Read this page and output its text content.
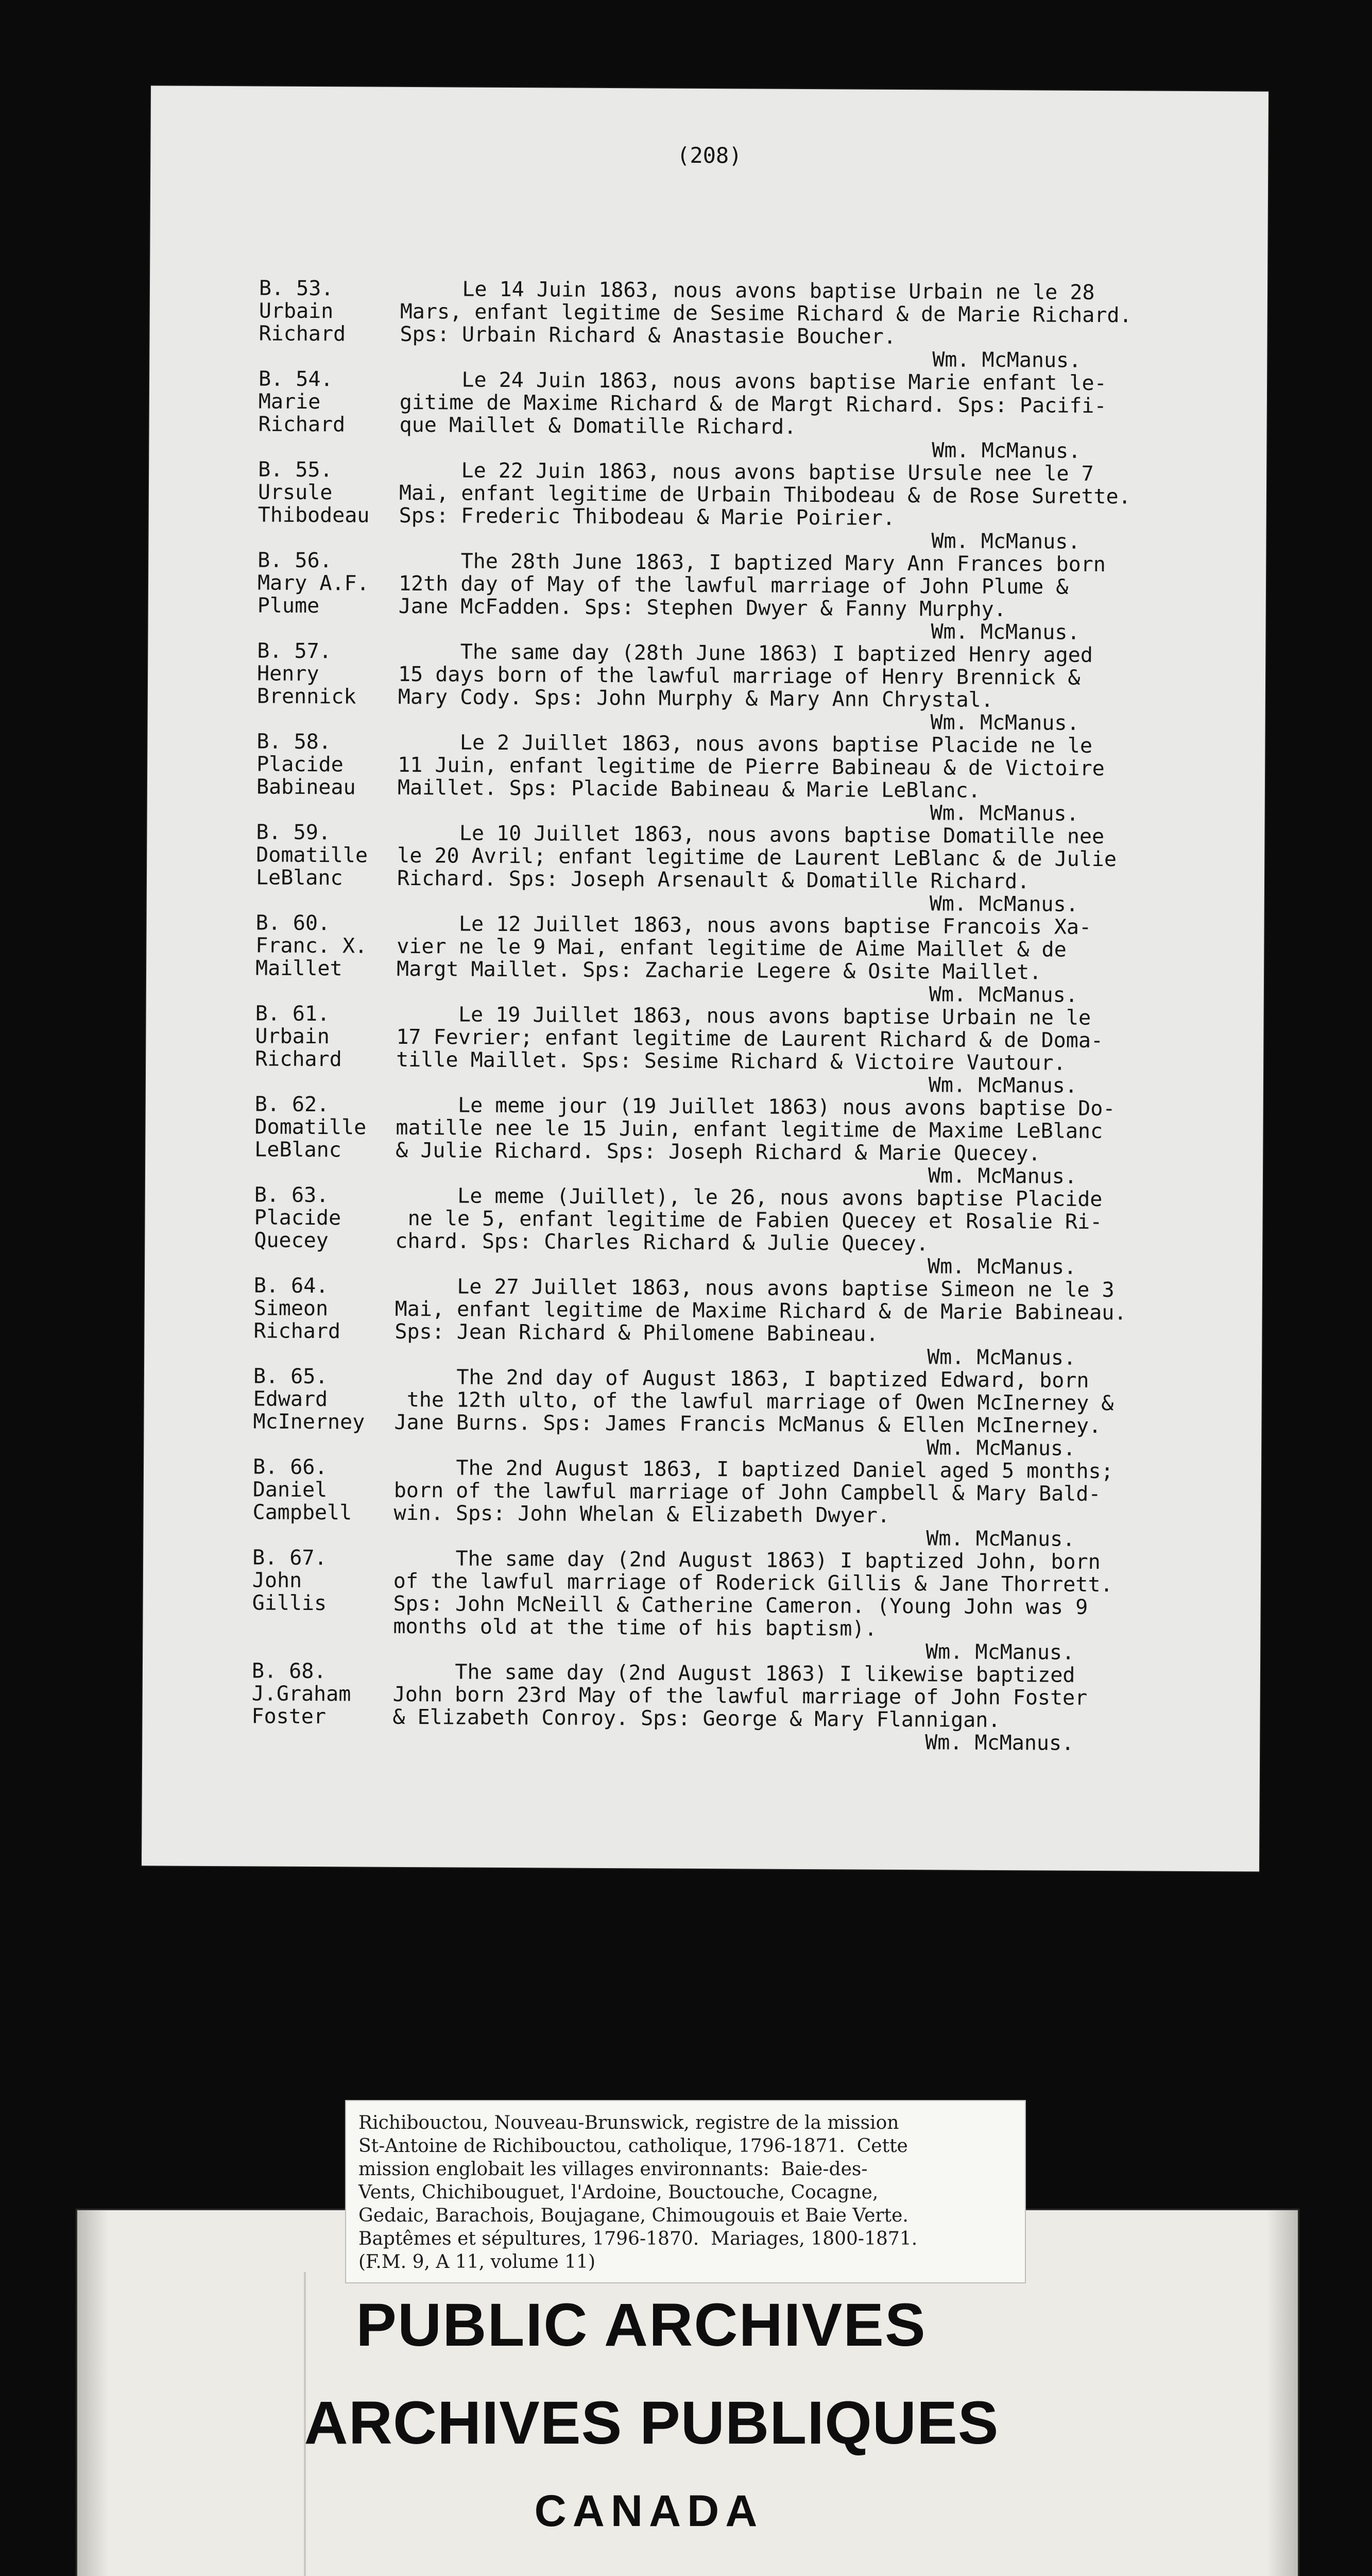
(208)
B. 53.
Urbain
Richard
Le 14 Juin 1863, nous avons baptise Urbain ne le 28
Mars, enfant legitime de Sesime Richard & de Marie Richard.
Sps: Urbain Richard & Anastasie Boucher.
Wm. McManus.
B. 54.
Marie
Richard
Le 24 Juin 1863, nous avons baptise Marie enfant le-
gitime de Maxime Richard & de Margt Richard. Sps: Pacifi-
que Maillet & Domatille Richard.
Wm. McManus.
B. 55.
Ursule
Thibodeau
Le 22 Juin 1863, nous avons baptise Ursule nee le 7
Mai, enfant legitime de Urbain Thibodeau & de Rose Surette.
Sps: Frederic Thibodeau & Marie Poirier.
Wm. McManus.
B. 56.
Mary A.F.
Plume
The 28th June 1863, I baptized Mary Ann Frances born
12th day of May of the lawful marriage of John Plume &
Jane McFadden. Sps: Stephen Dwyer & Fanny Murphy.
Wm. McManus.
B. 57.
Henry
Brennick
The same day (28th June 1863) I baptized Henry aged
15 days born of the lawful marriage of Henry Brennick &
Mary Cody. Sps: John Murphy & Mary Ann Chrystal.
Wm. McManus.
B. 58.
Placide
Babineau
Le 2 Juillet 1863, nous avons baptise Placide ne le
11 Juin, enfant legitime de Pierre Babineau & de Victoire
Maillet. Sps: Placide Babineau & Marie LeBlanc.
Wm. McManus.
B. 59.
Domatille
LeBlanc
Le 10 Juillet 1863, nous avons baptise Domatille nee
le 20 Avril; enfant legitime de Laurent LeBlanc & de Julie
Richard. Sps: Joseph Arsenault & Domatille Richard.
Wm. McManus.
B. 60.
Franc. X.
Maillet
Le 12 Juillet 1863, nous avons baptise Francois Xa-
vier ne le 9 Mai, enfant legitime de Aime Maillet & de
Margt Maillet. Sps: Zacharie Legere & Osite Maillet.
Wm. McManus.
B. 61.
Urbain
Richard
Le 19 Juillet 1863, nous avons baptise Urbain ne le
17 Fevrier; enfant legitime de Laurent Richard & de Doma-
tille Maillet. Sps: Sesime Richard & Victoire Vautour.
Wm. McManus.
B. 62.
Domatille
LeBlanc
Le meme jour (19 Juillet 1863) nous avons baptise Do-
matille nee le 15 Juin, enfant legitime de Maxime LeBlanc
& Julie Richard. Sps: Joseph Richard & Marie Quecey.
Wm. McManus.
B. 63.
Placide
Quecey
Le meme (Juillet), le 26, nous avons baptise Placide
ne le 5, enfant legitime de Fabien Quecey et Rosalie Ri-
chard. Sps: Charles Richard & Julie Quecey.
Wm. McManus.
B. 64.
Simeon
Richard
Le 27 Juillet 1863, nous avons baptise Simeon ne le 3
Mai, enfant legitime de Maxime Richard & de Marie Babineau.
Sps: Jean Richard & Philomene Babineau.
Wm. McManus.
B. 65.
Edward
McInerney
The 2nd day of August 1863, I baptized Edward, born
the 12th ulto, of the lawful marriage of Owen McInerney &
Jane Burns. Sps: James Francis McManus & Ellen McInerney.
Wm. McManus.
B. 66.
Daniel
Campbell
The 2nd August 1863, I baptized Daniel aged 5 months;
born of the lawful marriage of John Campbell & Mary Bald-
win. Sps: John Whelan & Elizabeth Dwyer.
Wm. McManus.
B. 67.
John
Gillis
The same day (2nd August 1863) I baptized John, born
of the lawful marriage of Roderick Gillis & Jane Thorrett.
Sps: John McNeill & Catherine Cameron. (Young John was 9
months old at the time of his baptism).
Wm. McManus.
B. 68.
J.Graham
Foster
The same day (2nd August 1863) I likewise baptized
John born 23rd May of the lawful marriage of John Foster
& Elizabeth Conroy. Sps: George & Mary Flannigan.
Wm. McManus.
PUBLIC ARCHIVES
ARCHIVES PUBLIQUES
CANADA
Richibouctou, Nouveau-Brunswick, registre de la mission
St-Antoine de Richibouctou, catholique, 1796-1871.  Cette
mission englobait les villages environnants:  Baie-des-
Vents, Chichibouguet, l'Ardoine, Bouctouche, Cocagne,
Gedaic, Barachois, Boujagane, Chimougouis et Baie Verte.
Baptêmes et sépultures, 1796-1870.  Mariages, 1800-1871.
(F.M. 9, A 11, volume 11)
